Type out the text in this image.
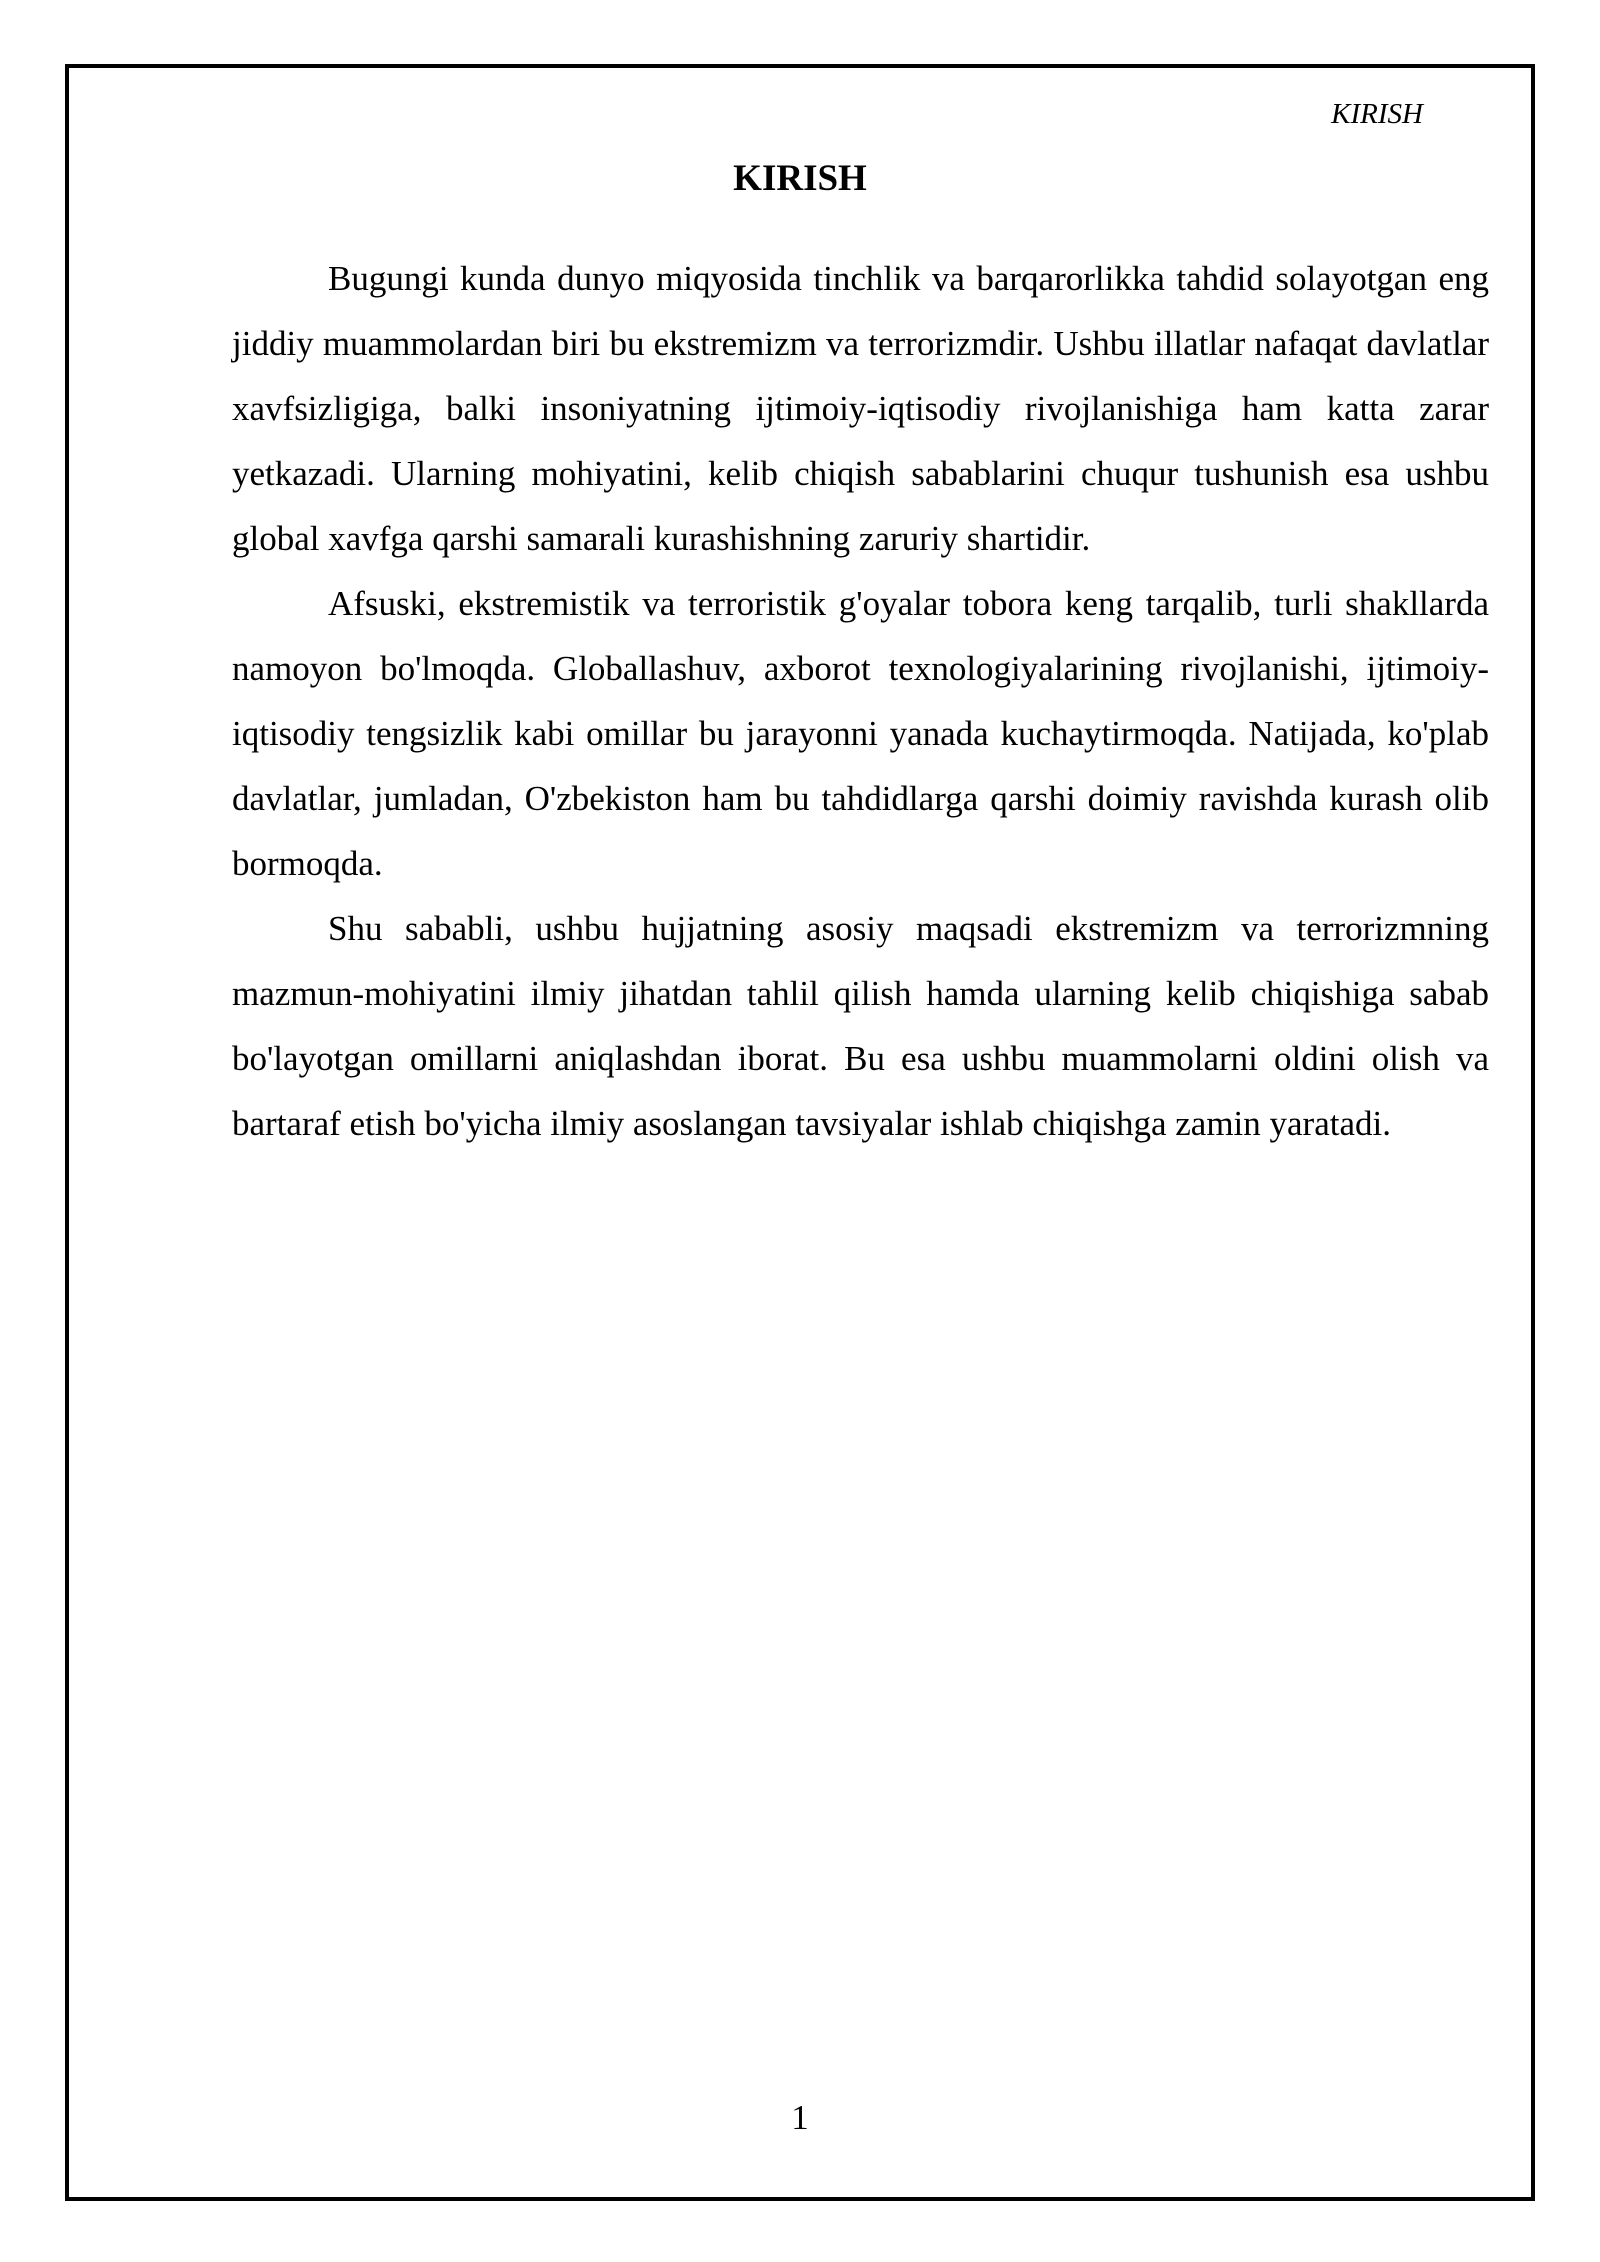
KIRISH
KIRISH

Bugungi kunda dunyo miqyosida tinchlik va barqarorlikka tahdid solayotgan eng jiddiy muammolardan biri bu ekstremizm va terrorizmdir. Ushbu illatlar nafaqat davlatlar xavfsizligiga, balki insoniyatning ijtimoiy-iqtisodiy rivojlanishiga ham katta zarar yetkazadi. Ularning mohiyatini, kelib chiqish sabablarini chuqur tushunish esa ushbu global xavfga qarshi samarali kurashishning zaruriy shartidir.

Afsuski, ekstremistik va terroristik g'oyalar tobora keng tarqalib, turli shakllarda namoyon bo'lmoqda. Globallashuv, axborot texnologiyalarining rivojlanishi, ijtimoiy-iqtisodiy tengsizlik kabi omillar bu jarayonni yanada kuchaytirmoqda. Natijada, ko'plab davlatlar, jumladan, O'zbekiston ham bu tahdidlarga qarshi doimiy ravishda kurash olib bormoqda.

Shu sababli, ushbu hujjatning asosiy maqsadi ekstremizm va terrorizmning mazmun-mohiyatini ilmiy jihatdan tahlil qilish hamda ularning kelib chiqishiga sabab bo'layotgan omillarni aniqlashdan iborat. Bu esa ushbu muammolarni oldini olish va bartaraf etish bo'yicha ilmiy asoslangan tavsiyalar ishlab chiqishga zamin yaratadi.

1
